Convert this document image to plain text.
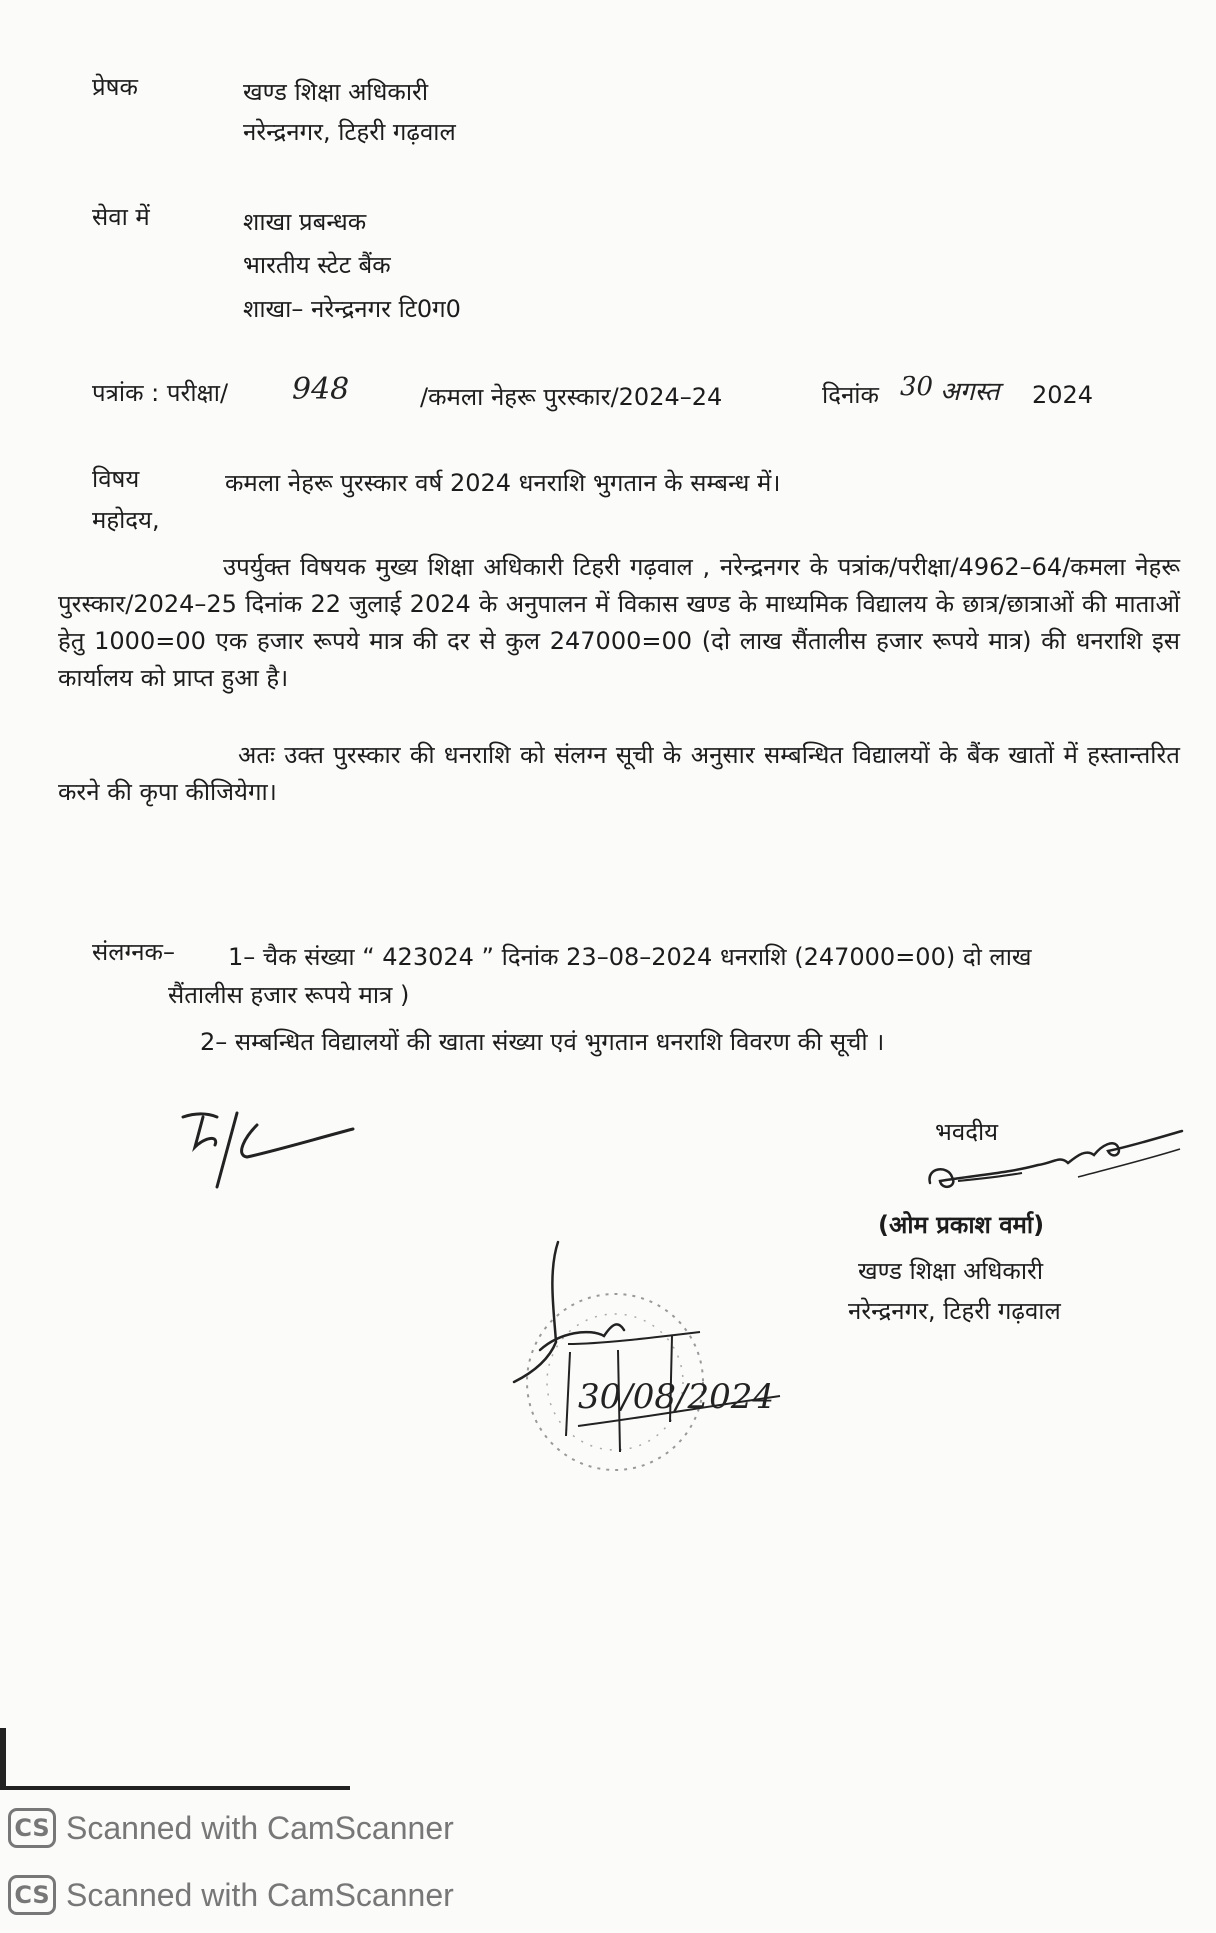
प्रेषक	खण्ड शिक्षा अधिकारी
नरेन्द्रनगर, टिहरी गढ़वाल
सेवा में	शाखा प्रबन्धक
भारतीय स्टेट बैंक
शाखा– नरेन्द्रनगर टि0ग0
पत्रांक : परीक्षा/ 948	/कमला नेहरू पुरस्कार/2024–24	दिनांक 30 अगस्त 2024
विषय	कमला नेहरू पुरस्कार वर्ष 2024 धनराशि भुगतान के सम्बन्ध में।
महोदय,
उपर्युक्त विषयक मुख्य शिक्षा अधिकारी टिहरी गढ़वाल , नरेन्द्रनगर के पत्रांक/परीक्षा/4962–64/कमला नेहरू पुरस्कार/2024–25 दिनांक 22 जुलाई 2024 के अनुपालन में विकास खण्ड के माध्यमिक विद्यालय के छात्र/छात्राओं की माताओं हेतु 1000=00 एक हजार रूपये मात्र की दर से कुल 247000=00 (दो लाख सैंतालीस हजार रूपये मात्र) की धनराशि इस कार्यालय को प्राप्त हुआ है।
अतः उक्त पुरस्कार की धनराशि को संलग्न सूची के अनुसार सम्बन्धित विद्यालयों के बैंक खातों में हस्तान्तरित करने की कृपा कीजियेगा।
संलग्नक– 1– चैक संख्या “ 423024 ” दिनांक 23–08–2024 धनराशि (247000=00) दो लाख
सैंतालीस हजार रूपये मात्र )
2– सम्बन्धित विद्यालयों की खाता संख्या एवं भुगतान धनराशि विवरण की सूची ।
भवदीय
(ओम प्रकाश वर्मा)
खण्ड शिक्षा अधिकारी
नरेन्द्रनगर, टिहरी गढ़वाल
30/08/2024
CS Scanned with CamScanner
CS Scanned with CamScanner
